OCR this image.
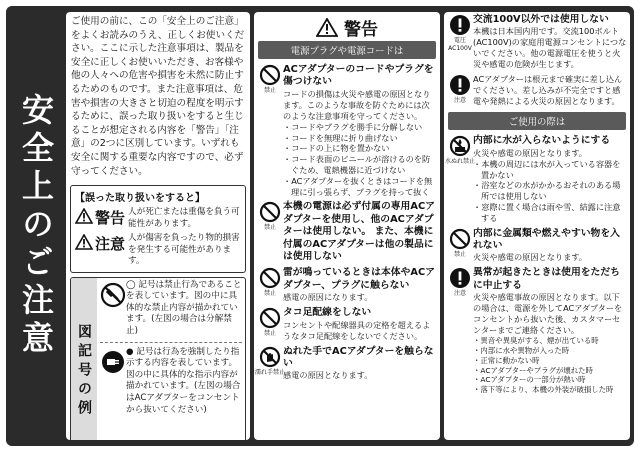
安全上のご注意
ご使用の前に、この「安全上のご注意」をよくお読みのうえ、正しくお使いください。ここに示した注意事項は、製品を安全に正しくお使いいただき、お客様や他の人々への危害や損害を未然に防止するためのものです。また注意事項は、危害や損害の大きさと切迫の程度を明示するために、誤った取り扱いをすると生じることが想定される内容を「警告」「注意」の2つに区別しています。いずれも安全に関する重要な内容ですので、必ず守ってください。
【誤った取り扱いをすると】
警告 人が死亡または重傷を負う可能性があります。
注意 人が傷害を負ったり物的損害を発生する可能性があります。
図記号の例
◯ 記号は禁止行為であることを表しています。図の中に具体的な禁止内容が描かれています。(左図の場合は分解禁止)
● 記号は行為を強制したり指示する内容を表しています。図の中に具体的な指示内容が描かれています。(左図の場合はACアダプターをコンセントから抜いてください)
警告
電源プラグや電源コードは
禁止
ACアダプターのコードやプラグを傷つけない
コードの損傷は火災や感電の原因となります。このような事故を防ぐためには次のような注意事項を守ってください。
・コードやプラグを勝手に分解しない
・コードを無理に折り曲げない
・コードの上に物を置かない
・コード表面のビニールが溶けるのを防ぐため、電熱機器に近づけない
・ACアダプターを抜くときはコードを無理に引っ張らず、プラグを持って抜く
禁止
本機の電源は必ず付属の専用ACアダプターを使用し、他のACアダプターは使用しない。 また、本機に付属のACアダプターは他の製品には使用しない
禁止
雷が鳴っているときは本体やACアダプター、プラグに触らない
感電の原因になります。
禁止
タコ足配線をしない
コンセントや配線器具の定格を超えるようなタコ足配線をしないでください。
濡れ手禁止
ぬれた手でACアダプターを触らない
感電の原因となります。
電圧
AC100V
交流100V以外では使用しない
本機は日本国内用です。交流100ボルト(AC100V)の家庭用電源コンセントにつないでください。他の電源電圧を使うと火災や感電の危険が生じます。
注意
ACアダプターは根元まで確実に差し込んでください。差し込みが不完全ですと感電や発熱による火災の原因となります。
ご使用の際は
水ぬれ禁止
内部に水が入らないようにする
火災や感電の原因となります。
・本機の周辺には水が入っている容器を置かない
・浴室などの水がかかるおそれのある場所では使用しない
・窓際に置く場合は雨や雪、結露に注意する
禁止
内部に金属類や燃えやすい物を入れない
火災や感電の原因となります。
注意
異常が起きたときは使用をただちに中止する
火災や感電事故の原因となります。以下の場合は、電源を外してACアダプターをコンセントから抜いた後、カスタマーセンターまでご連絡ください。
・異音や異臭がする、煙が出ている時
・内部に水や異物が入った時
・正常に動かない時
・ACアダプターやプラグが壊れた時
・ACアダプターの一部分が熱い時
・落下等により、本機の外装が破損した時
